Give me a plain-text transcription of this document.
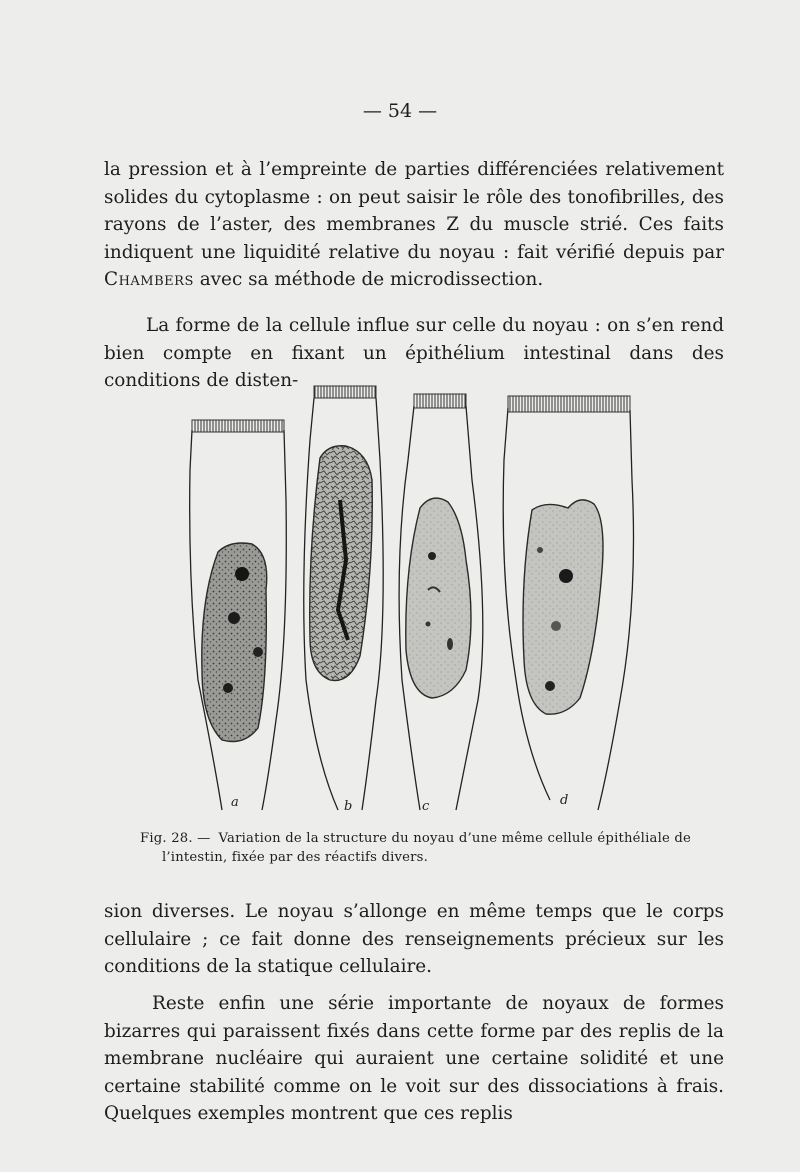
— 54 —

la pression et à l’empreinte de parties différenciées relativement solides du cytoplasme : on peut saisir le rôle des tonofibrilles, des rayons de l’aster, des membranes Z du muscle strié. Ces faits indiquent une liquidité relative du noyau : fait vérifié depuis par Chambers avec sa méthode de microdissection.

La forme de la cellule influe sur celle du noyau : on s’en rend bien compte en fixant un épithélium intestinal dans des conditions de disten-

a	b	c	d

Fig. 28. — Variation de la structure du noyau d’une même cellule épithéliale de
l’intestin, fixée par des réactifs divers.

sion diverses. Le noyau s’allonge en même temps que le corps cellulaire ; ce fait donne des renseignements précieux sur les conditions de la statique cellulaire.

Reste enfin une série importante de noyaux de formes bizarres qui paraissent fixés dans cette forme par des replis de la membrane nucléaire qui auraient une certaine solidité et une certaine stabilité comme on le voit sur des dissociations à frais. Quelques exemples montrent que ces replis
